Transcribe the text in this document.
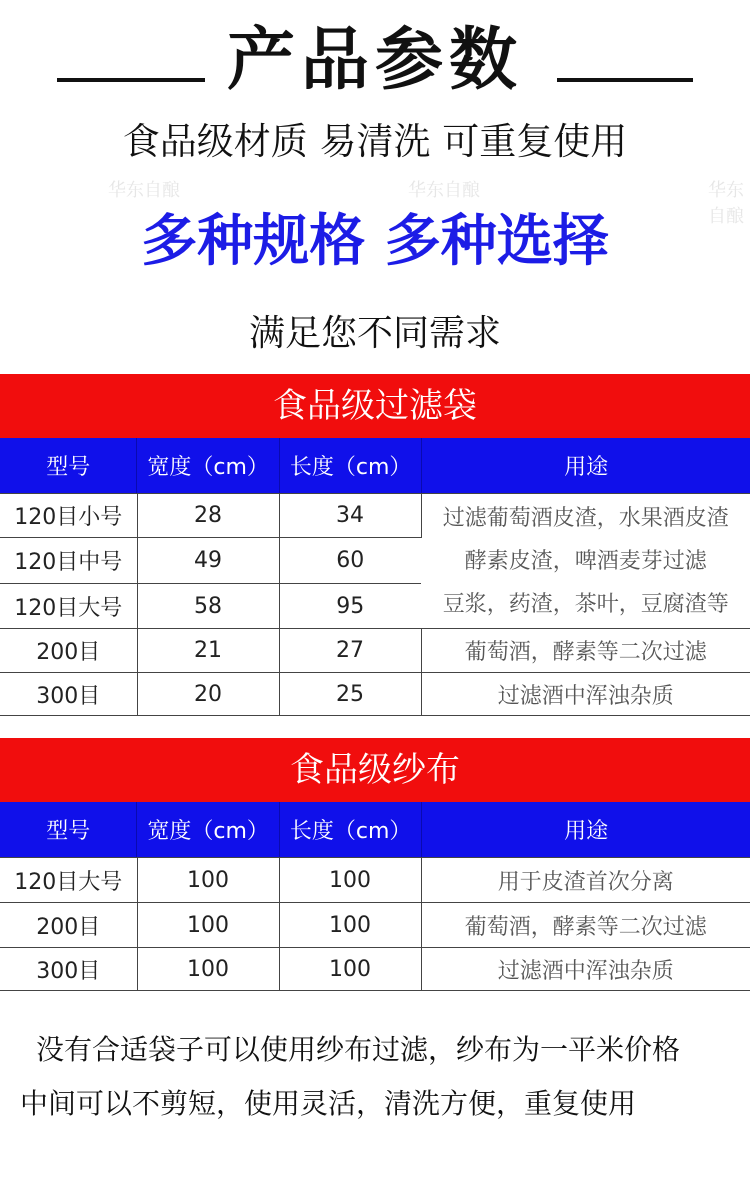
产品参数
食品级材质 易清洗 可重复使用
华东自酿	华东自酿	华东自酿
多种规格 多种选择
满足您不同需求
食品级过滤袋
型号	宽度（cm） 长度（cm）	用途
120目小号	28	34	过滤葡萄酒皮渣，水果酒皮渣
酵素皮渣，啤酒麦芽过滤
豆浆，药渣，茶叶，豆腐渣等

120目中号	49	60	
120目大号	58	95	
200目	21	27	葡萄酒，酵素等二次过滤
300目	20	25	过滤酒中浑浊杂质
食品级纱布
型号	宽度（cm） 长度（cm）	用途
120目大号	100	100	用于皮渣首次分离
200目	100	100	葡萄酒，酵素等二次过滤
300目	100	100	过滤酒中浑浊杂质
没有合适袋子可以使用纱布过滤，纱布为一平米价格
中间可以不剪短，使用灵活，清洗方便，重复使用
